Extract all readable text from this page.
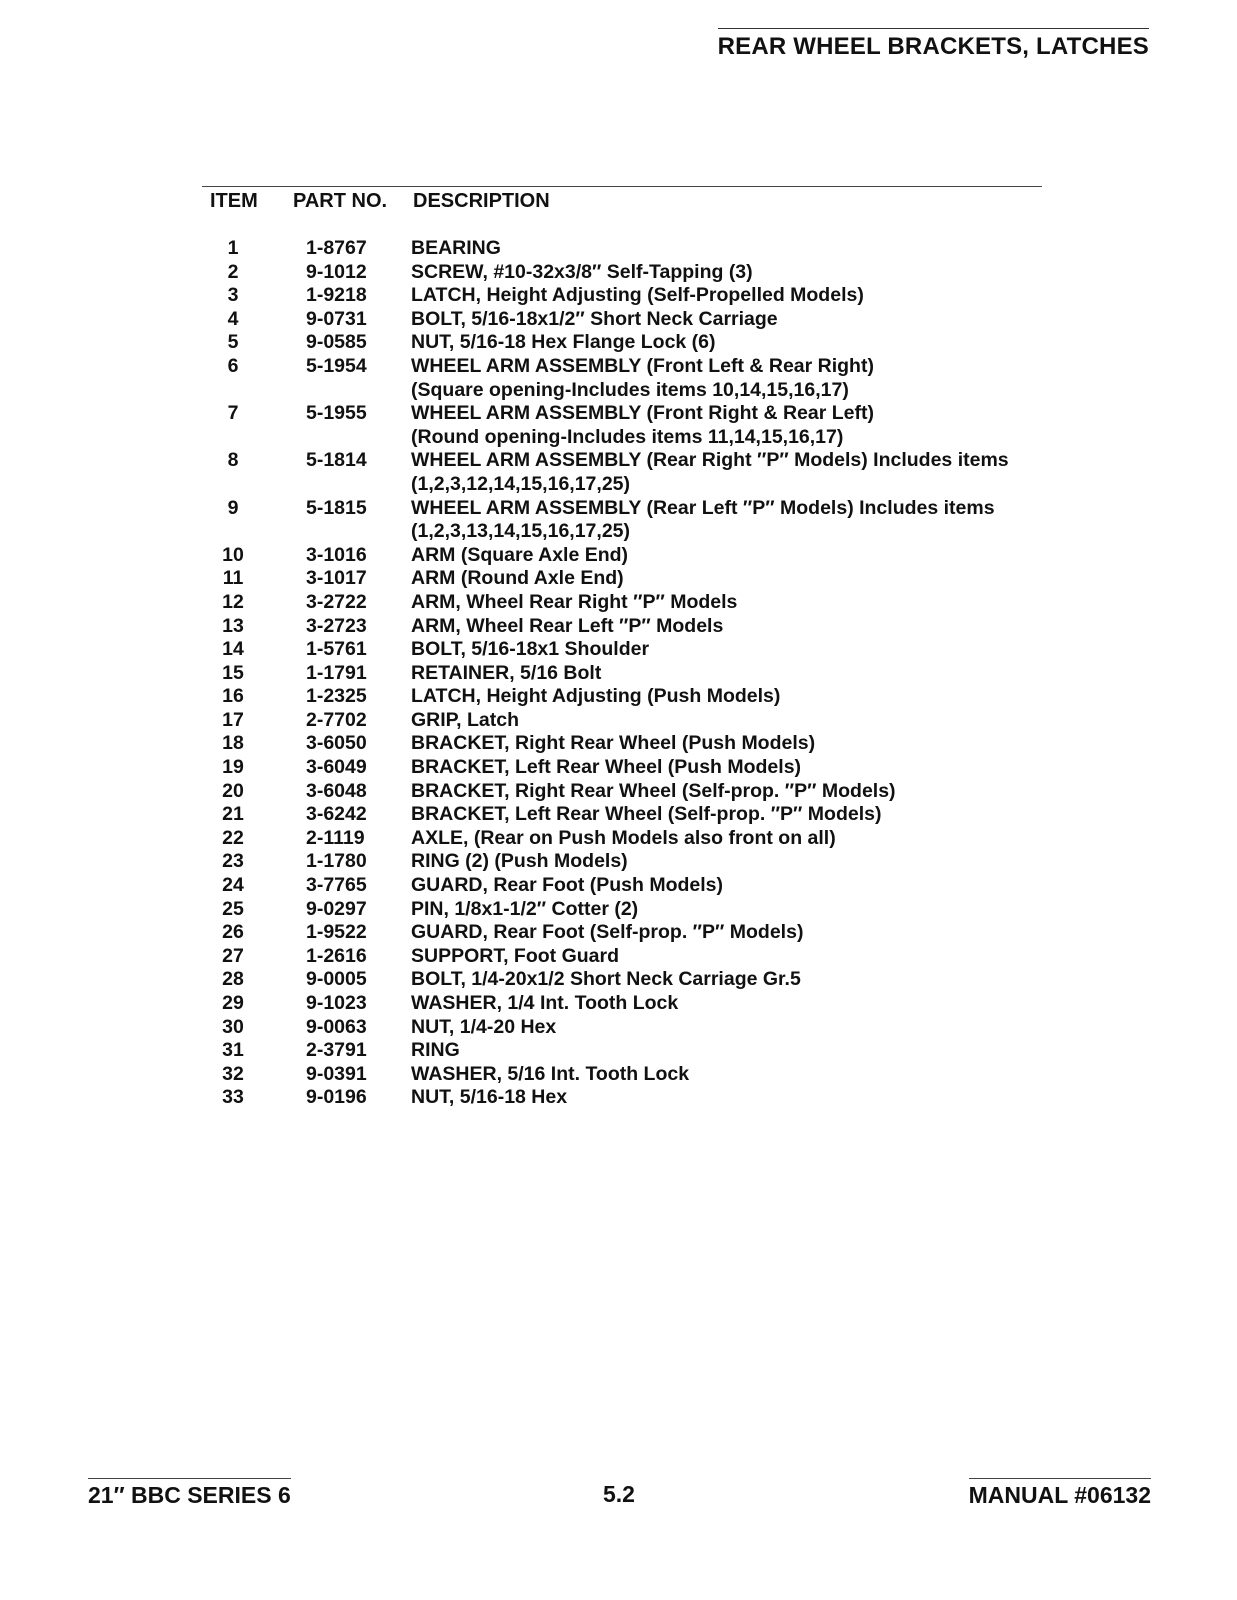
REAR WHEEL BRACKETS, LATCHES
ITEM PART NO. DESCRIPTION
1	1-8767 BEARING
2	9-1012 SCREW, #10-32x3/8″ Self-Tapping (3)
3	1-9218 LATCH, Height Adjusting (Self-Propelled Models)
4	9-0731 BOLT, 5/16-18x1/2″ Short Neck Carriage
5	9-0585 NUT, 5/16-18 Hex Flange Lock (6)
6	5-1954 WHEEL ARM ASSEMBLY (Front Left & Rear Right)
(Square opening-Includes items 10,14,15,16,17)
7	5-1955 WHEEL ARM ASSEMBLY (Front Right & Rear Left)
(Round opening-Includes items 11,14,15,16,17)
8	5-1814 WHEEL ARM ASSEMBLY (Rear Right ″P″ Models) Includes items
(1,2,3,12,14,15,16,17,25)
9	5-1815 WHEEL ARM ASSEMBLY (Rear Left ″P″ Models) Includes items
(1,2,3,13,14,15,16,17,25)
10	3-1016 ARM (Square Axle End)
11	3-1017 ARM (Round Axle End)
12	3-2722 ARM, Wheel Rear Right ″P″ Models
13	3-2723 ARM, Wheel Rear Left ″P″ Models
14	1-5761 BOLT, 5/16-18x1 Shoulder
15	1-1791 RETAINER, 5/16 Bolt
16	1-2325 LATCH, Height Adjusting (Push Models)
17	2-7702 GRIP, Latch
18	3-6050 BRACKET, Right Rear Wheel (Push Models)
19	3-6049 BRACKET, Left Rear Wheel (Push Models)
20	3-6048 BRACKET, Right Rear Wheel (Self-prop. ″P″ Models)
21	3-6242 BRACKET, Left Rear Wheel (Self-prop. ″P″ Models)
22	2-1119 AXLE, (Rear on Push Models also front on all)
23	1-1780 RING (2) (Push Models)
24	3-7765 GUARD, Rear Foot (Push Models)
25	9-0297 PIN, 1/8x1-1/2″ Cotter (2)
26	1-9522 GUARD, Rear Foot (Self-prop. ″P″ Models)
27	1-2616 SUPPORT, Foot Guard
28	9-0005 BOLT, 1/4-20x1/2 Short Neck Carriage Gr.5
29	9-1023 WASHER, 1/4 Int. Tooth Lock
30	9-0063 NUT, 1/4-20 Hex
31	2-3791 RING
32	9-0391 WASHER, 5/16 Int. Tooth Lock
33	9-0196 NUT, 5/16-18 Hex
21″ BBC SERIES 6	5.2	MANUAL #06132
